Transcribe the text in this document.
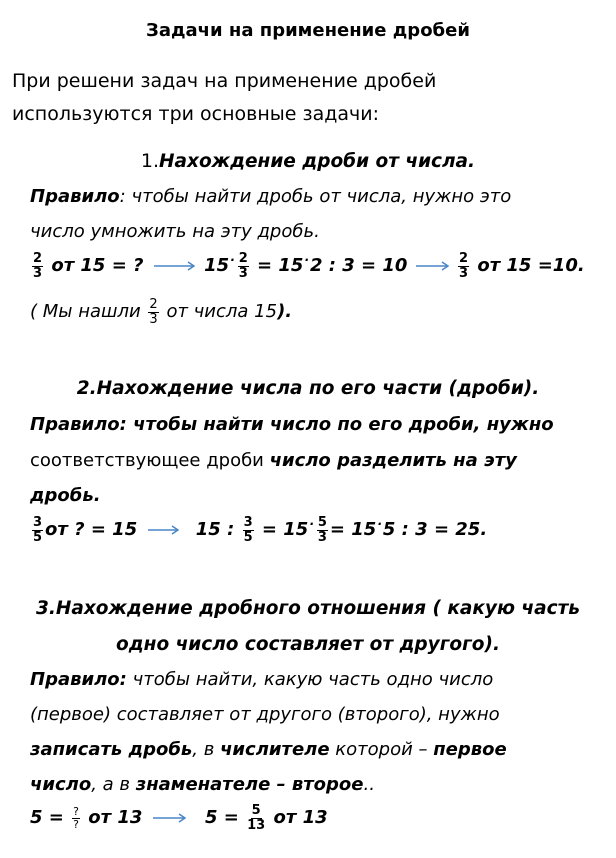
Задачи на применение дробей
При решени задач на применение дробей
используются три основные задачи:
1.Нахождение дроби от числа.
Правило: чтобы найти дробь от числа, нужно это
число умножить на эту дробь.
$\frac{2}{3}$ от 15 = ?	$15^\cdot \frac{2}{3} = 15^\cdot 2$ : 3 = 10	$\frac{2}{3}$ от 15 =10.
( Мы нашли $\frac{2}{3}$ от числа 15).
2.Нахождение числа по его части (дроби).
Правило: чтобы найти число по его дроби, нужно
соответствующее дроби число разделить на эту
дробь.
$\frac{3}{5}$ от ? = 15	15 : $\frac{3}{5} = 15^\cdot \frac{5}{3} = 15^\cdot 5$ : 3 = 25.
3.Нахождение дробного отношения ( какую часть
одно число составляет от другого).
Правило: чтобы найти, какую часть одно число
(первое) составляет от другого (второго), нужно
записать дробь, в числителе которой – первое
число, а в знаменателе – второе..
5 = ?
? от 13	$5 = \frac{5}{13}$ от 13
